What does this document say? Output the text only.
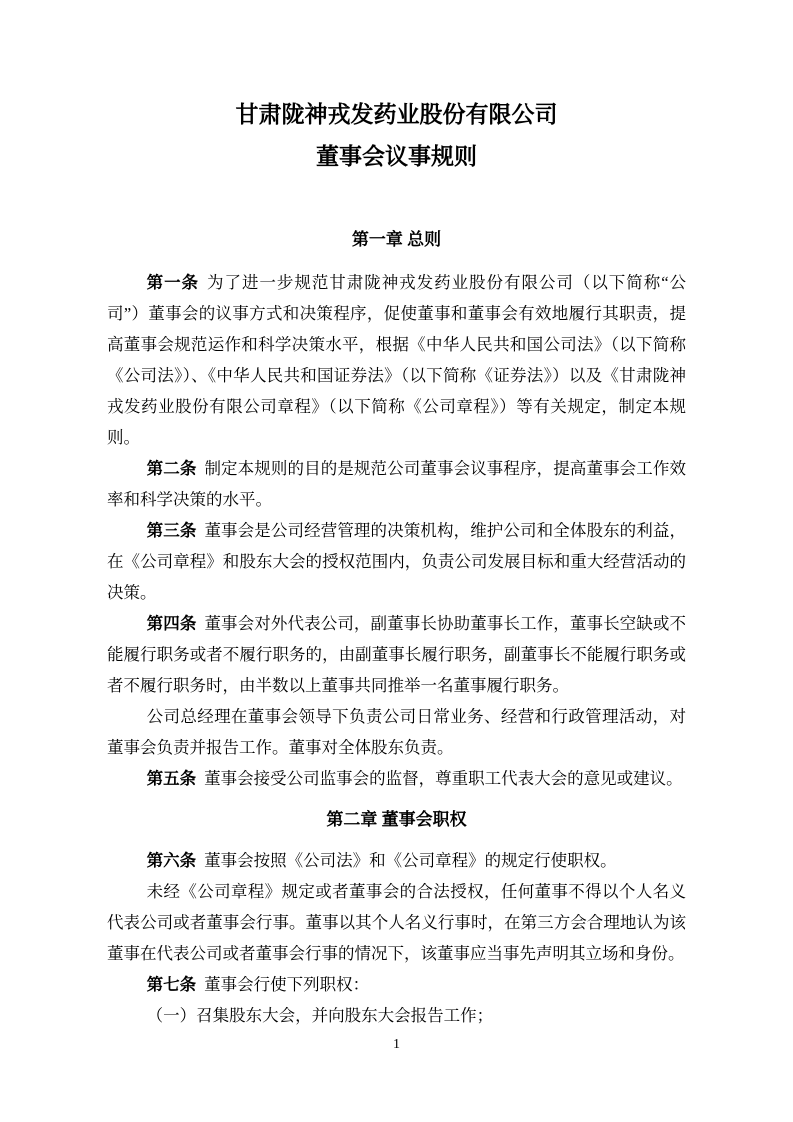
甘肃陇神戎发药业股份有限公司
董事会议事规则
第一章 总则

第一条 为了进一步规范甘肃陇神戎发药业股份有限公司（以下简称“公司”）董事会的议事方式和决策程序，促使董事和董事会有效地履行其职责，提高董事会规范运作和科学决策水平，根据《中华人民共和国公司法》（以下简称《公司法》）、《中华人民共和国证券法》（以下简称《证券法》）以及《甘肃陇神戎发药业股份有限公司章程》（以下简称《公司章程》）等有关规定，制定本规则。

第二条 制定本规则的目的是规范公司董事会议事程序，提高董事会工作效率和科学决策的水平。

第三条 董事会是公司经营管理的决策机构，维护公司和全体股东的利益，在《公司章程》和股东大会的授权范围内，负责公司发展目标和重大经营活动的决策。

第四条 董事会对外代表公司，副董事长协助董事长工作，董事长空缺或不能履行职务或者不履行职务的，由副董事长履行职务，副董事长不能履行职务或者不履行职务时，由半数以上董事共同推举一名董事履行职务。

公司总经理在董事会领导下负责公司日常业务、经营和行政管理活动，对董事会负责并报告工作。董事对全体股东负责。

第五条 董事会接受公司监事会的监督，尊重职工代表大会的意见或建议。

第二章 董事会职权

第六条 董事会按照《公司法》和《公司章程》的规定行使职权。

未经《公司章程》规定或者董事会的合法授权，任何董事不得以个人名义代表公司或者董事会行事。董事以其个人名义行事时，在第三方会合理地认为该董事在代表公司或者董事会行事的情况下，该董事应当事先声明其立场和身份。

第七条 董事会行使下列职权：

（一）召集股东大会，并向股东大会报告工作；

1
